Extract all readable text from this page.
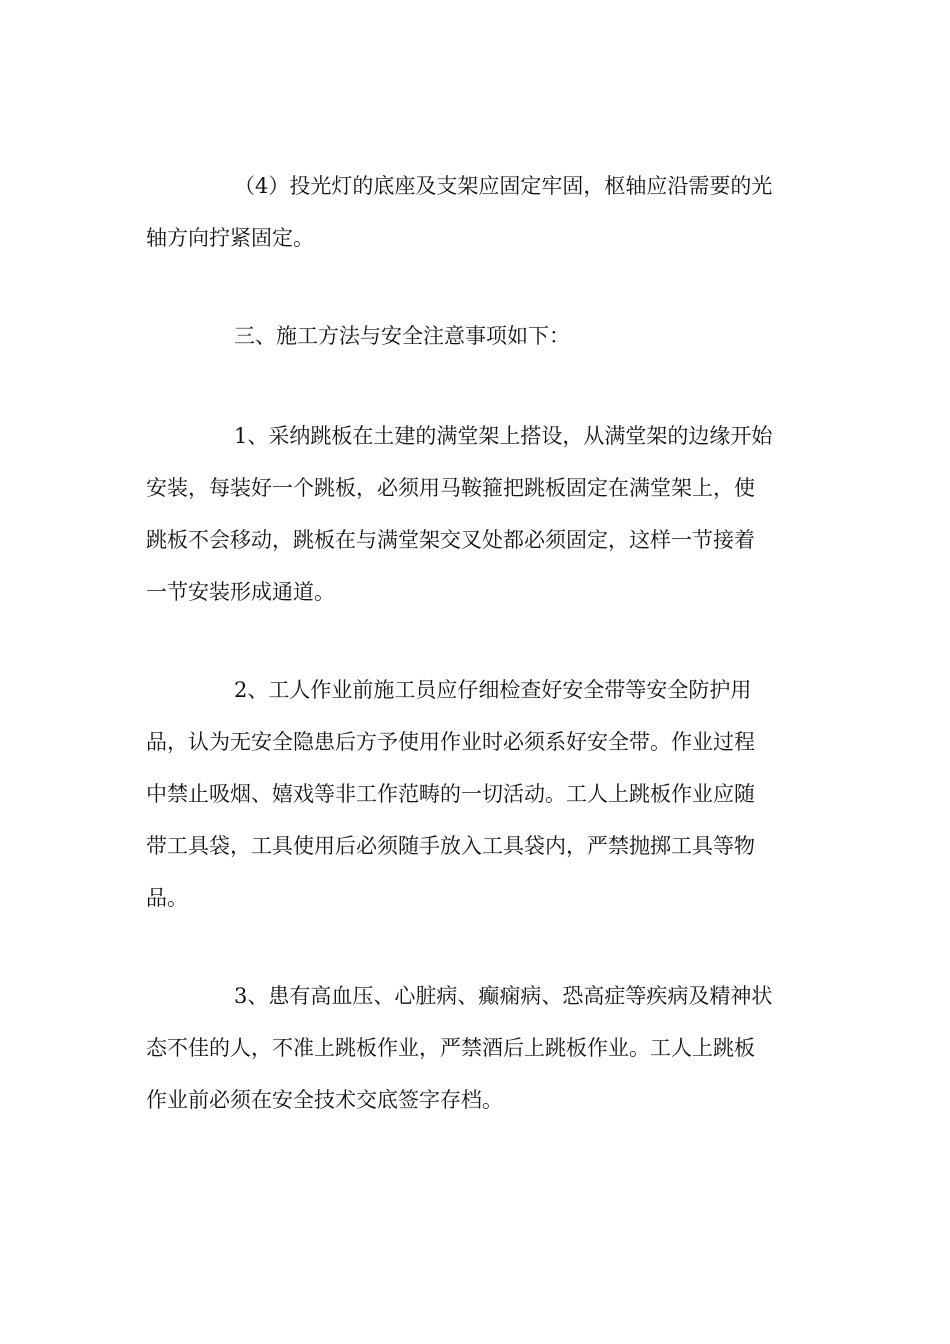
（4）投光灯的底座及支架应固定牢固，枢轴应沿需要的光
轴方向拧紧固定。
三、施工方法与安全注意事项如下：
1、采纳跳板在土建的满堂架上搭设，从满堂架的边缘开始
安装，每装好一个跳板，必须用马鞍箍把跳板固定在满堂架上，使
跳板不会移动，跳板在与满堂架交叉处都必须固定，这样一节接着
一节安装形成通道。
2、工人作业前施工员应仔细检查好安全带等安全防护用
品，认为无安全隐患后方予使用作业时必须系好安全带。作业过程
中禁止吸烟、嬉戏等非工作范畴的一切活动。工人上跳板作业应随
带工具袋，工具使用后必须随手放入工具袋内，严禁抛掷工具等物
品。
3、患有高血压、心脏病、癫痫病、恐高症等疾病及精神状
态不佳的人，不准上跳板作业，严禁酒后上跳板作业。工人上跳板
作业前必须在安全技术交底签字存档。
